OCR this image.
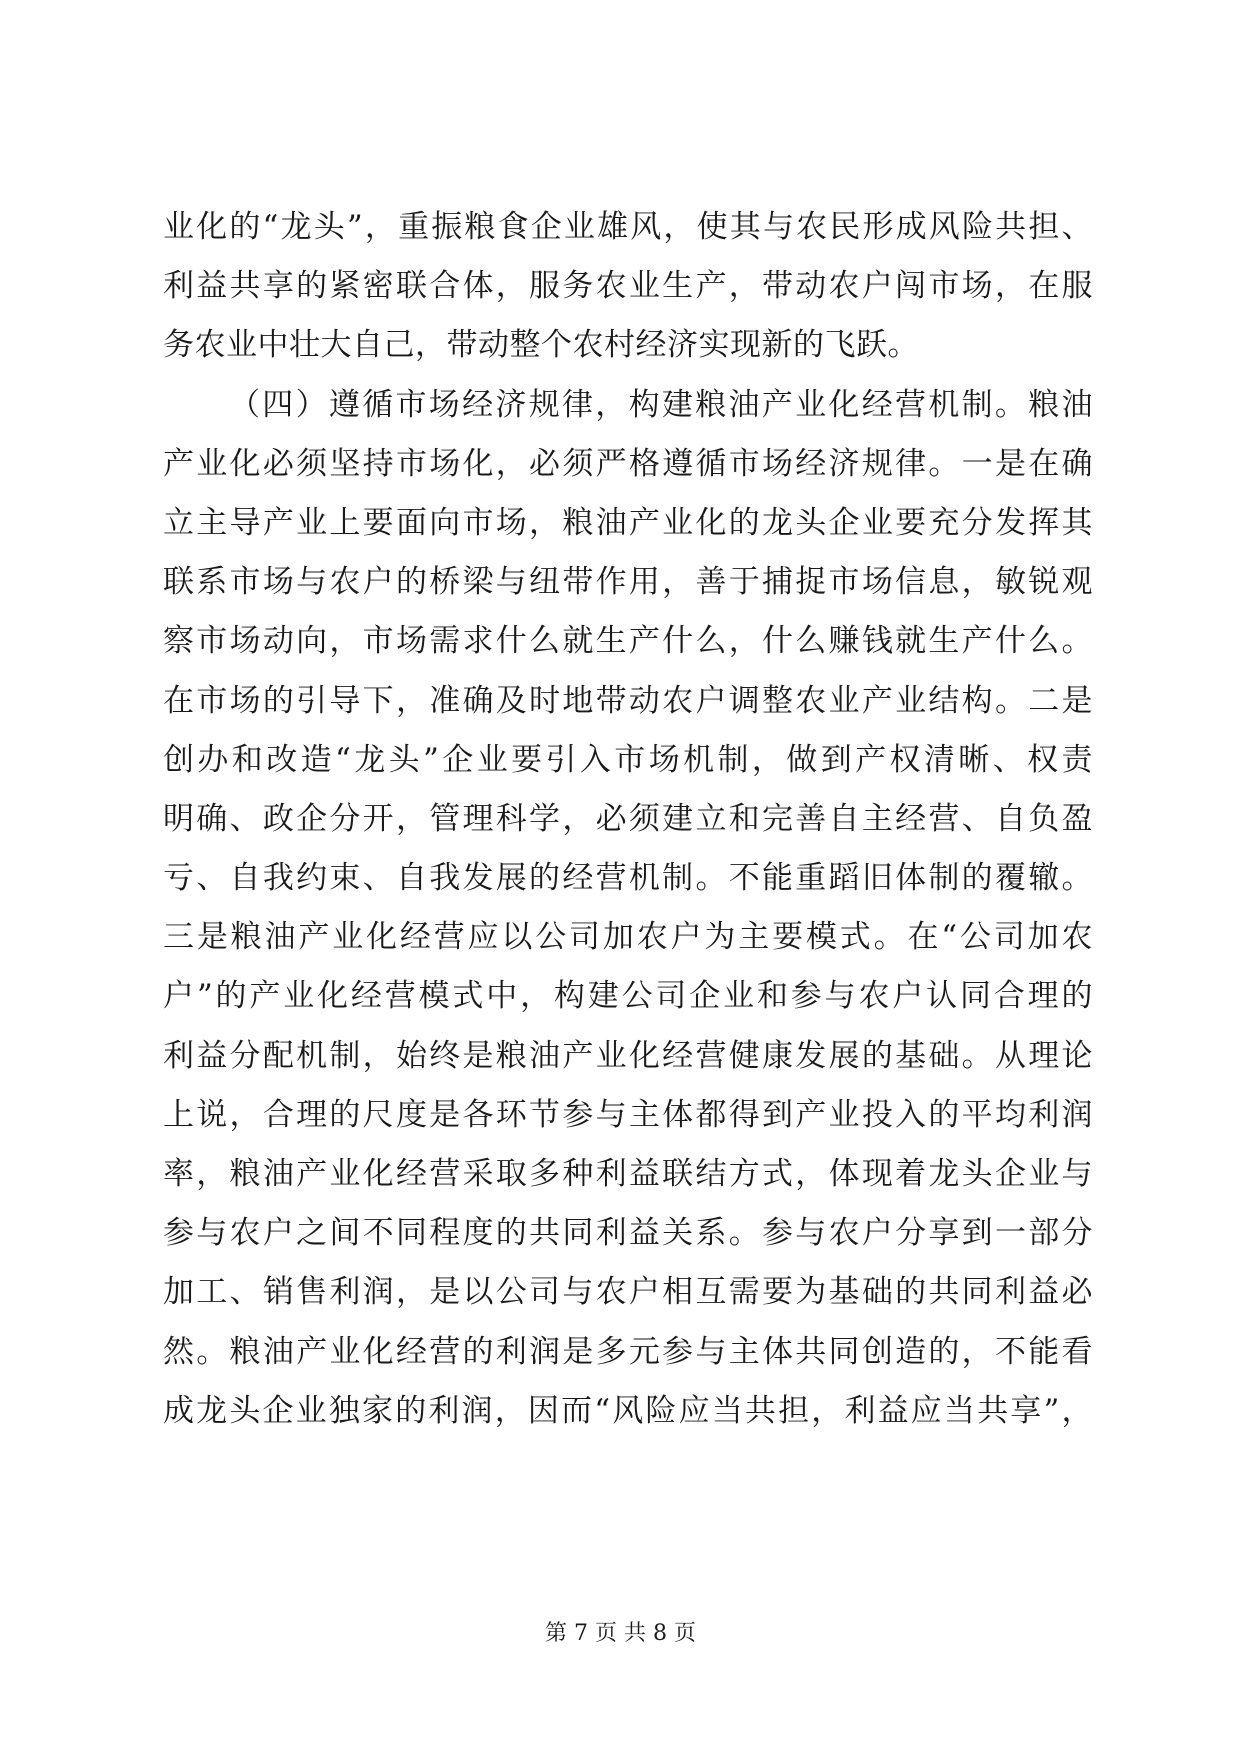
业化的“龙头”，重振粮食企业雄风，使其与农民形成风险共担、
利益共享的紧密联合体，服务农业生产，带动农户闯市场，在服
务农业中壮大自己，带动整个农村经济实现新的飞跃。
（四）遵循市场经济规律，构建粮油产业化经营机制。粮油
产业化必须坚持市场化，必须严格遵循市场经济规律。一是在确
立主导产业上要面向市场，粮油产业化的龙头企业要充分发挥其
联系市场与农户的桥梁与纽带作用，善于捕捉市场信息，敏锐观
察市场动向，市场需求什么就生产什么，什么赚钱就生产什么。
在市场的引导下，准确及时地带动农户调整农业产业结构。二是
创办和改造“龙头”企业要引入市场机制，做到产权清晰、权责
明确、政企分开，管理科学，必须建立和完善自主经营、自负盈
亏、自我约束、自我发展的经营机制。不能重蹈旧体制的覆辙。
三是粮油产业化经营应以公司加农户为主要模式。在“公司加农
户”的产业化经营模式中，构建公司企业和参与农户认同合理的
利益分配机制，始终是粮油产业化经营健康发展的基础。从理论
上说，合理的尺度是各环节参与主体都得到产业投入的平均利润
率，粮油产业化经营采取多种利益联结方式，体现着龙头企业与
参与农户之间不同程度的共同利益关系。参与农户分享到一部分
加工、销售利润，是以公司与农户相互需要为基础的共同利益必
然。粮油产业化经营的利润是多元参与主体共同创造的，不能看
成龙头企业独家的利润，因而“风险应当共担，利益应当共享”，
第 7 页 共 8 页
